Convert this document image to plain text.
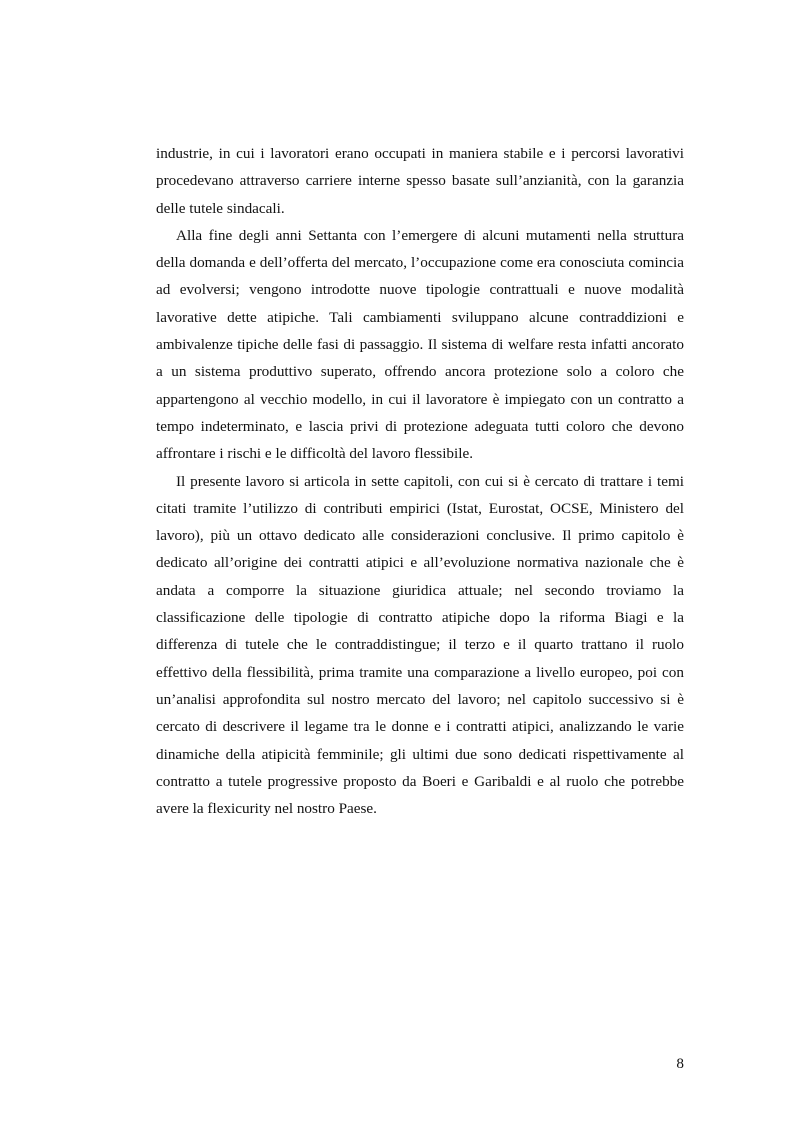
industrie, in cui i lavoratori erano occupati in maniera stabile e i percorsi lavorativi procedevano attraverso carriere interne spesso basate sull’anzianità, con la garanzia delle tutele sindacali.

Alla fine degli anni Settanta con l’emergere di alcuni mutamenti nella struttura della domanda e dell’offerta del mercato, l’occupazione come era conosciuta comincia ad evolversi; vengono introdotte nuove tipologie contrattuali e nuove modalità lavorative dette atipiche. Tali cambiamenti sviluppano alcune contraddizioni e ambivalenze tipiche delle fasi di passaggio. Il sistema di welfare resta infatti ancorato a un sistema produttivo superato, offrendo ancora protezione solo a coloro che appartengono al vecchio modello, in cui il lavoratore è impiegato con un contratto a tempo indeterminato, e lascia privi di protezione adeguata tutti coloro che devono affrontare i rischi e le difficoltà del lavoro flessibile.

Il presente lavoro si articola in sette capitoli, con cui si è cercato di trattare i temi citati tramite l’utilizzo di contributi empirici (Istat, Eurostat, OCSE, Ministero del lavoro), più un ottavo dedicato alle considerazioni conclusive. Il primo capitolo è dedicato all’origine dei contratti atipici e all’evoluzione normativa nazionale che è andata a comporre la situazione giuridica attuale; nel secondo troviamo la classificazione delle tipologie di contratto atipiche dopo la riforma Biagi e la differenza di tutele che le contraddistingue; il terzo e il quarto trattano il ruolo effettivo della flessibilità, prima tramite una comparazione a livello europeo, poi con un’analisi approfondita sul nostro mercato del lavoro; nel capitolo successivo si è cercato di descrivere il legame tra le donne e i contratti atipici, analizzando le varie dinamiche della atipicità femminile; gli ultimi due sono dedicati rispettivamente al contratto a tutele progressive proposto da Boeri e Garibaldi e al ruolo che potrebbe avere la flexicurity nel nostro Paese.

8
